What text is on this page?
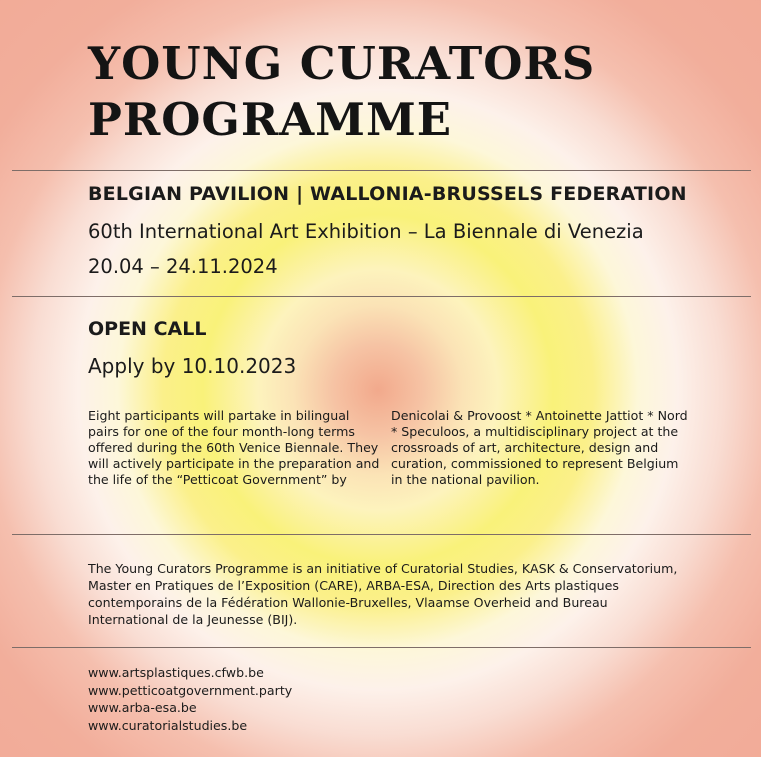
YOUNG CURATORS
PROGRAMME
BELGIAN PAVILION | WALLONIA-BRUSSELS FEDERATION
60th International Art Exhibition – La Biennale di Venezia
20.04 – 24.11.2024
OPEN CALL
Apply by 10.10.2023

Eight participants will partake in bilingual pairs for one of the four month-long terms offered during the 60th Venice Biennale. They will actively participate in the preparation and the life of the “Petticoat Government” by

Denicolai & Provoost * Antoinette Jattiot * Nord * Speculoos, a multidisciplinary project at the crossroads of art, architecture, design and curation, commissioned to represent Belgium in the national pavilion.

The Young Curators Programme is an initiative of Curatorial Studies, KASK & Conservatorium, Master en Pratiques de l’Exposition (CARE), ARBA-ESA, Direction des Arts plastiques contemporains de la Fédération Wallonie-Bruxelles, Vlaamse Overheid and Bureau International de la Jeunesse (BIJ).

www.artsplastiques.cfwb.be
www.petticoatgovernment.party
www.arba-esa.be
www.curatorialstudies.be
